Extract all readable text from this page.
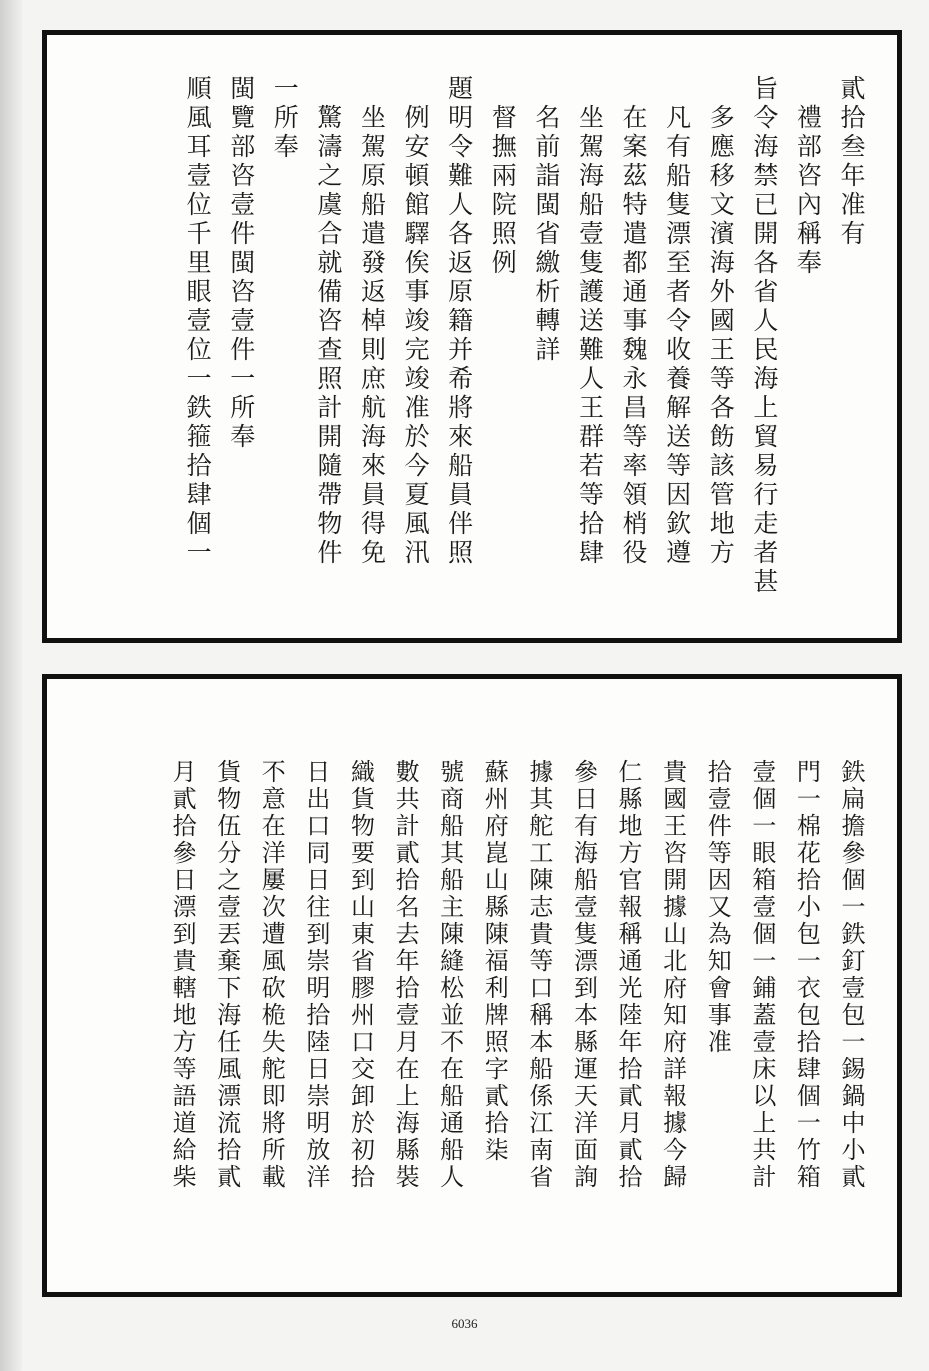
貳拾叁年准有
　禮部咨內稱奉
旨令海禁已開各省人民海上貿易行走者甚
　多應移文濱海外國王等各飭該管地方
　凡有船隻漂至者令收養解送等因欽遵
　在案茲特遣都通事魏永昌等率領梢役
　坐駕海船壹隻護送難人王群若等拾肆
　名前詣閩省繳析轉詳
　督撫兩院照例
題明令難人各返原籍并希將來船員伴照
　例安頓館驛俟事竣完竣准於今夏風汛
　坐駕原船遣發返棹則庶航海來員得免
　驚濤之虞合就備咨查照計開隨帶物件
一所奉
閩覽部咨壹件閩咨壹件一所奉
順風耳壹位千里眼壹位一鉄箍拾肆個一
鉄扁擔參個一鉄釘壹包一錫鍋中小貳
門一棉花拾小包一衣包拾肆個一竹箱
壹個一眼箱壹個一鋪蓋壹床以上共計
拾壹件等因又為知會事准
貴國王咨開據山北府知府詳報據今歸
仁縣地方官報稱通光陸年拾貳月貳拾
參日有海船壹隻漂到本縣運天洋面詢
據其舵工陳志貴等口稱本船係江南省
蘇州府崑山縣陳福利牌照字貳拾柒
號商船其船主陳縫松並不在船通船人
數共計貳拾名去年拾壹月在上海縣裝
織貨物要到山東省膠州口交卸於初拾
日出口同日往到崇明拾陸日崇明放洋
不意在洋屢次遭風砍桅失舵即將所載
貨物伍分之壹丟棄下海任風漂流拾貳
月貳拾參日漂到貴轄地方等語道給柴
6036
